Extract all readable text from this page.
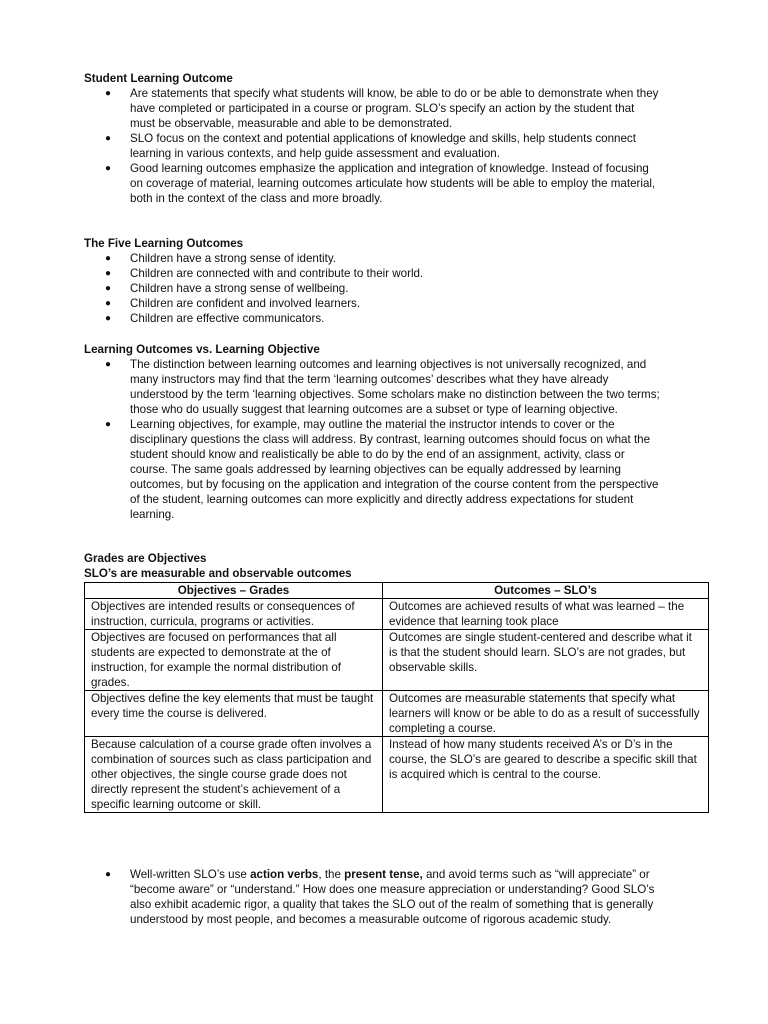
Student Learning Outcome
● Are statements that specify what students will know, be able to do or be able to demonstrate when they have completed or participated in a course or program. SLO’s specify an action by the student that must be observable, measurable and able to be demonstrated.
● SLO focus on the context and potential applications of knowledge and skills, help students connect learning in various contexts, and help guide assessment and evaluation.
● Good learning outcomes emphasize the application and integration of knowledge. Instead of focusing on coverage of material, learning outcomes articulate how students will be able to employ the material, both in the context of the class and more broadly.
The Five Learning Outcomes
● Children have a strong sense of identity.
● Children are connected with and contribute to their world.
● Children have a strong sense of wellbeing.
● Children are confident and involved learners.
● Children are effective communicators.
Learning Outcomes vs. Learning Objective
● The distinction between learning outcomes and learning objectives is not universally recognized, and many instructors may find that the term ‘learning outcomes’ describes what they have already understood by the term ‘learning objectives. Some scholars make no distinction between the two terms; those who do usually suggest that learning outcomes are a subset or type of learning objective.
● Learning objectives, for example, may outline the material the instructor intends to cover or the disciplinary questions the class will address. By contrast, learning outcomes should focus on what the student should know and realistically be able to do by the end of an assignment, activity, class or course. The same goals addressed by learning objectives can be equally addressed by learning outcomes, but by focusing on the application and integration of the course content from the perspective of the student, learning outcomes can more explicitly and directly address expectations for student learning.
Grades are Objectives
SLO’s are measurable and observable outcomes
Objectives – Grades	Outcomes – SLO’s
Objectives are intended results or consequences of instruction, curricula, programs or activities.	Outcomes are achieved results of what was learned – the evidence that learning took place
Objectives are focused on performances that all students are expected to demonstrate at the of instruction, for example the normal distribution of grades.	Outcomes are single student-centered and describe what it is that the student should learn. SLO’s are not grades, but observable skills.
Objectives define the key elements that must be taught every time the course is delivered.	Outcomes are measurable statements that specify what learners will know or be able to do as a result of successfully completing a course.
Because calculation of a course grade often involves a combination of sources such as class participation and other objectives, the single course grade does not directly represent the student’s achievement of a specific learning outcome or skill.	Instead of how many students received A’s or D’s in the course, the SLO’s are geared to describe a specific skill that is acquired which is central to the course.
● Well-written SLO’s use action verbs, the present tense, and avoid terms such as “will appreciate” or “become aware” or “understand.” How does one measure appreciation or understanding? Good SLO’s also exhibit academic rigor, a quality that takes the SLO out of the realm of something that is generally understood by most people, and becomes a measurable outcome of rigorous academic study.
